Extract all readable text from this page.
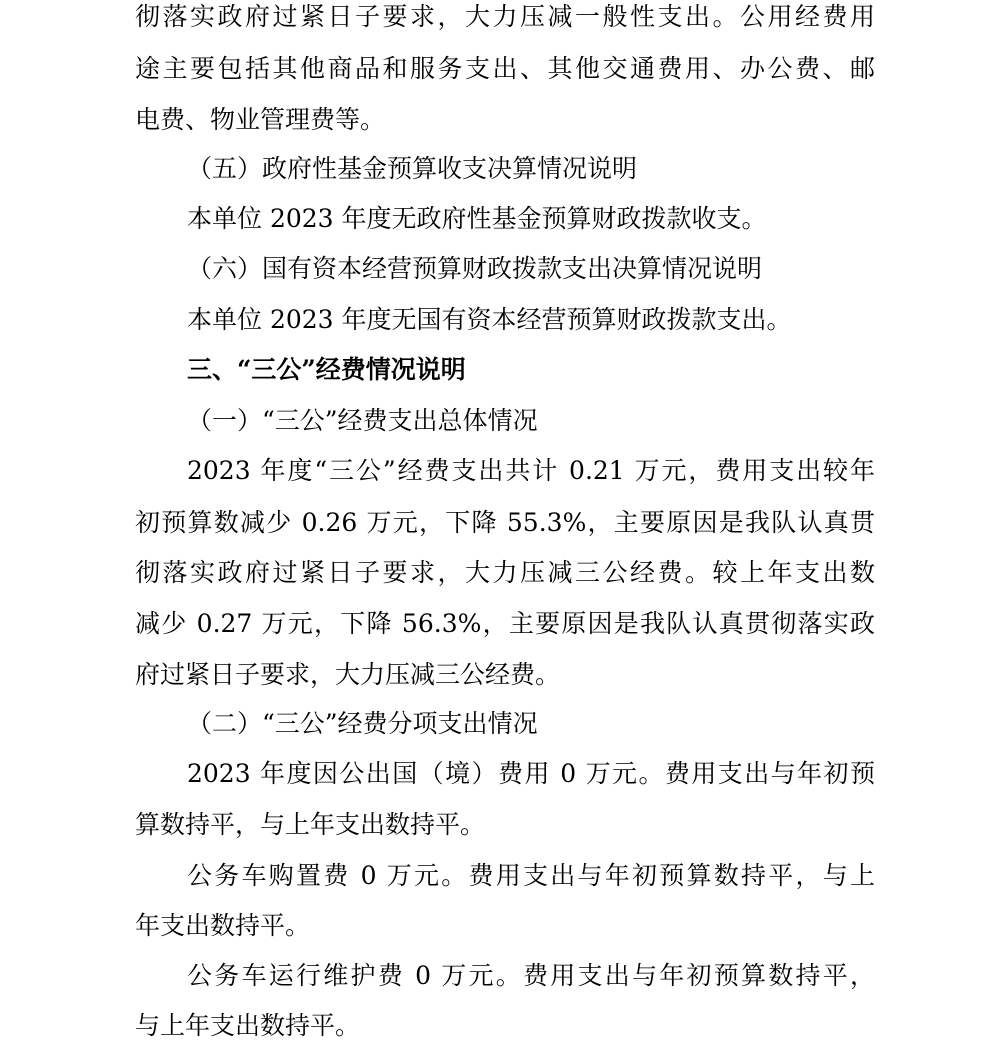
彻落实政府过紧日子要求，大力压减一般性支出。公用经费用
途主要包括其他商品和服务支出、其他交通费用、办公费、邮
电费、物业管理费等。
（五）政府性基金预算收支决算情况说明
本单位 2023 年度无政府性基金预算财政拨款收支。
（六）国有资本经营预算财政拨款支出决算情况说明
本单位 2023 年度无国有资本经营预算财政拨款支出。
三、“三公”经费情况说明
（一）“三公”经费支出总体情况
2023 年度“三公”经费支出共计 0.21 万元，费用支出较年
初预算数减少 0.26 万元，下降 55.3%，主要原因是我队认真贯
彻落实政府过紧日子要求，大力压减三公经费。较上年支出数
减少 0.27 万元，下降 56.3%，主要原因是我队认真贯彻落实政
府过紧日子要求，大力压减三公经费。
（二）“三公”经费分项支出情况
2023 年度因公出国（境）费用 0 万元。费用支出与年初预
算数持平，与上年支出数持平。
公务车购置费 0 万元。费用支出与年初预算数持平，与上
年支出数持平。
公务车运行维护费 0 万元。费用支出与年初预算数持平，
与上年支出数持平。
